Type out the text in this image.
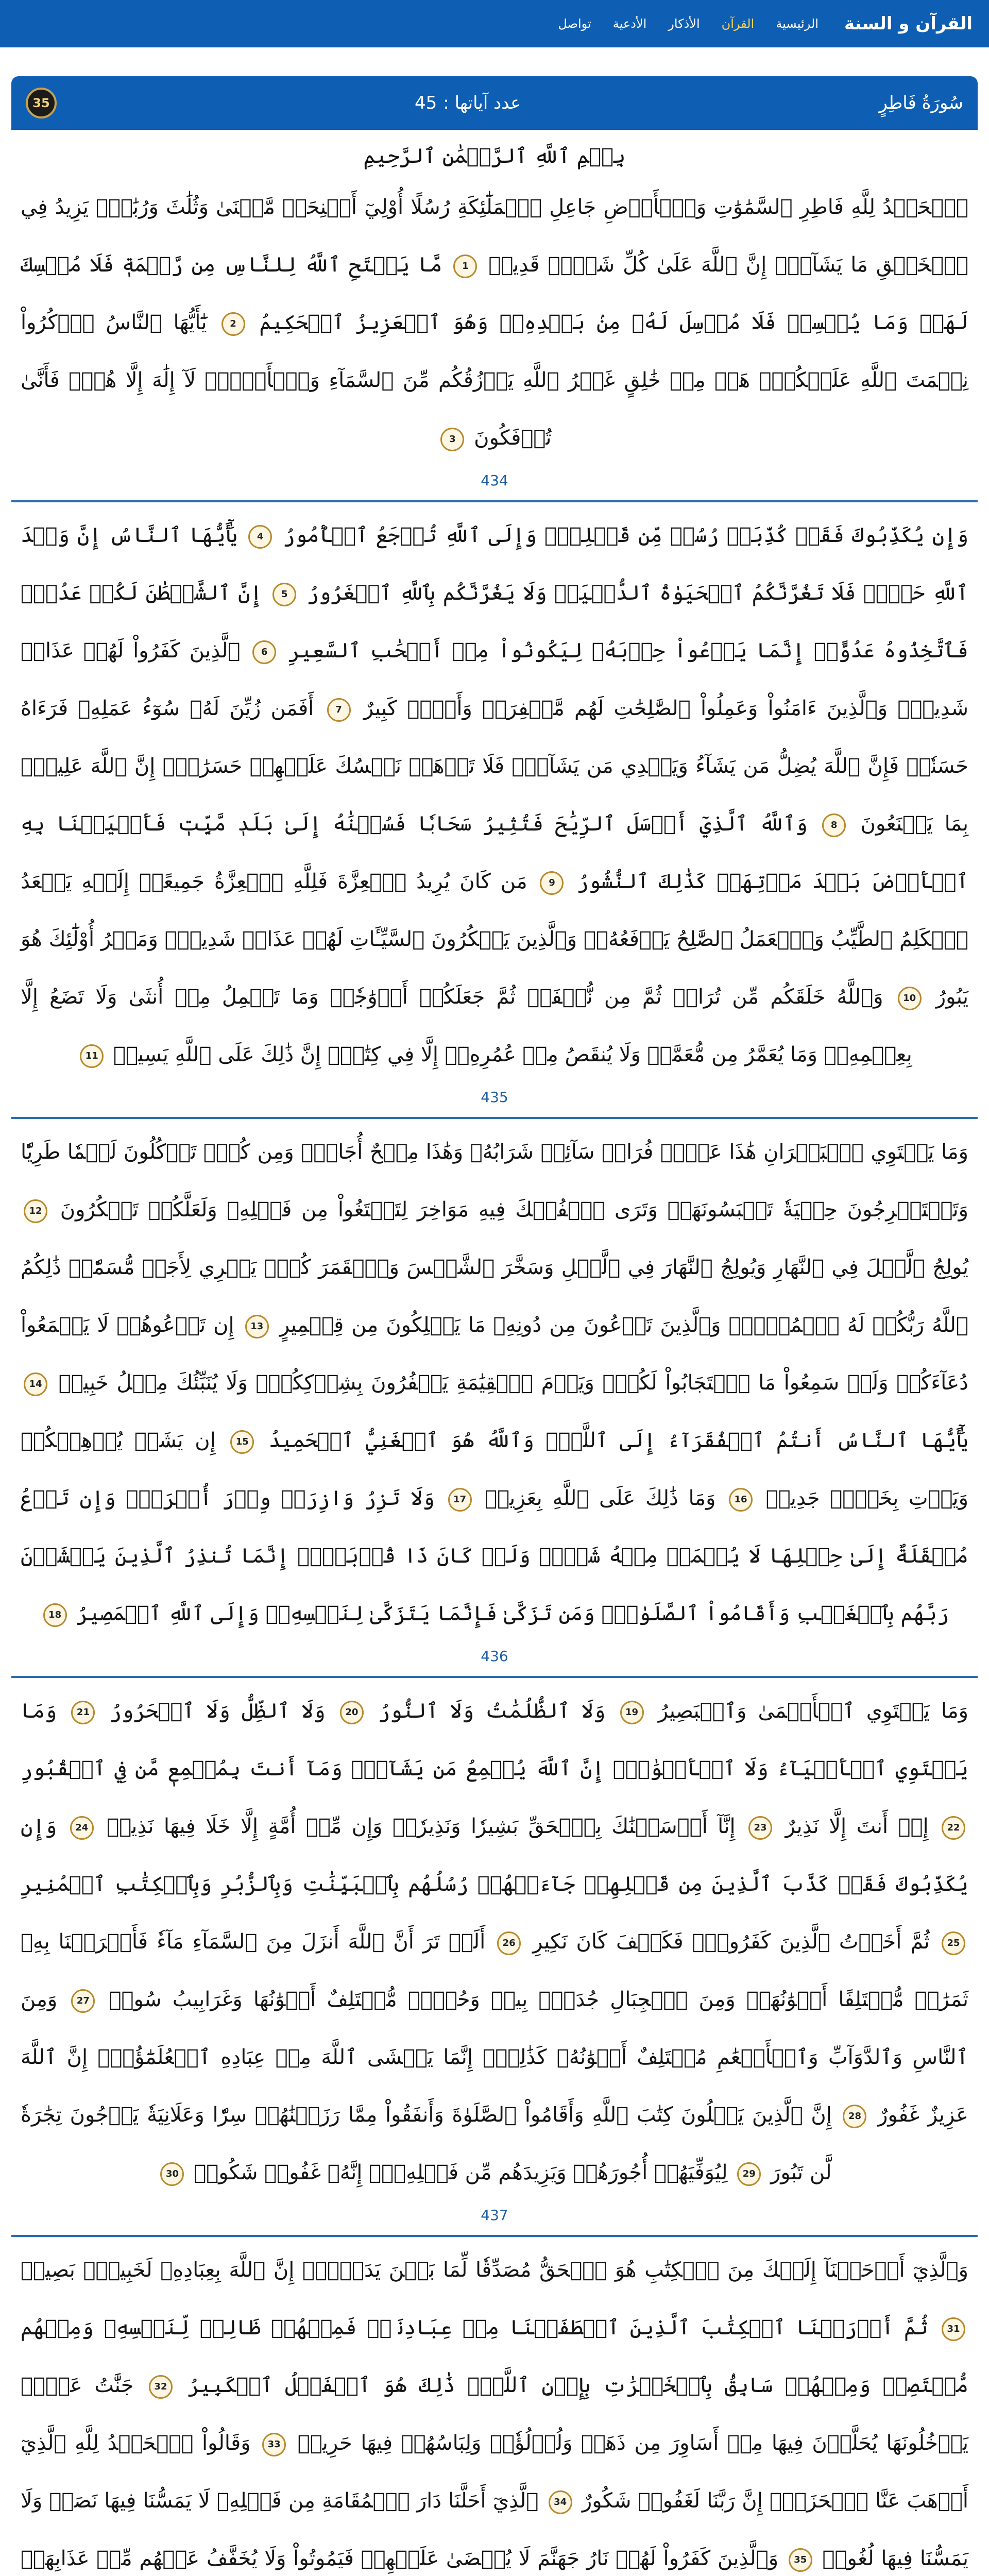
القرآن و السنة
الرئيسية
القرآن
الأذكار
الأدعية
تواصل
سُورَةُ فَاطِرٍ
عدد آياتها :
45
35
بِسۡمِ ٱللَّهِ ٱلرَّحۡمَٰنِ ٱلرَّحِيمِ
ٱلۡحَمۡدُ لِلَّهِ فَاطِرِ ٱلسَّمَٰوَٰتِ وَٱلۡأَرۡضِ جَاعِلِ ٱلۡمَلَٰٓئِكَةِ رُسُلًا أُوْلِيٓ أَجۡنِحَةٖ مَّثۡنَىٰ وَثُلَٰثَ وَرُبَٰعَۚ يَزِيدُ فِي ٱلۡخَلۡقِ مَا يَشَآءُۚ إِنَّ ٱللَّهَ عَلَىٰ كُلِّ شَيۡءٖ قَدِيرٞ 1 مَّا يَفۡتَحِ ٱللَّهُ لِلنَّاسِ مِن رَّحۡمَةٖ فَلَا مُمۡسِكَ لَهَاۖ وَمَا يُمۡسِكۡ فَلَا مُرۡسِلَ لَهُۥ مِنۢ بَعۡدِهِۦۚ وَهُوَ ٱلۡعَزِيزُ ٱلۡحَكِيمُ 2 يَٰٓأَيُّهَا ٱلنَّاسُ ٱذۡكُرُواْ نِعۡمَتَ ٱللَّهِ عَلَيۡكُمۡۚ هَلۡ مِنۡ خَٰلِقٍ غَيۡرُ ٱللَّهِ يَرۡزُقُكُم مِّنَ ٱلسَّمَآءِ وَٱلۡأَرۡضِۚ لَآ إِلَٰهَ إِلَّا هُوَۖ فَأَنَّىٰ تُؤۡفَكُونَ 3
434
وَإِن يُكَذِّبُوكَ فَقَدۡ كُذِّبَتۡ رُسُلٞ مِّن قَبۡلِكَۚ وَإِلَى ٱللَّهِ تُرۡجَعُ ٱلۡأُمُورُ 4 يَٰٓأَيُّهَا ٱلنَّاسُ إِنَّ وَعۡدَ ٱللَّهِ حَقّٞۖ فَلَا تَغُرَّنَّكُمُ ٱلۡحَيَوٰةُ ٱلدُّنۡيَاۖ وَلَا يَغُرَّنَّكُم بِٱللَّهِ ٱلۡغَرُورُ 5 إِنَّ ٱلشَّيۡطَٰنَ لَكُمۡ عَدُوّٞ فَٱتَّخِذُوهُ عَدُوًّاۚ إِنَّمَا يَدۡعُواْ حِزۡبَهُۥ لِيَكُونُواْ مِنۡ أَصۡحَٰبِ ٱلسَّعِيرِ 6 ٱلَّذِينَ كَفَرُواْ لَهُمۡ عَذَابٞ شَدِيدٞۖ وَٱلَّذِينَ ءَامَنُواْ وَعَمِلُواْ ٱلصَّٰلِحَٰتِ لَهُم مَّغۡفِرَةٞ وَأَجۡرٞ كَبِيرٌ 7 أَفَمَن زُيِّنَ لَهُۥ سُوٓءُ عَمَلِهِۦ فَرَءَاهُ حَسَنٗاۖ فَإِنَّ ٱللَّهَ يُضِلُّ مَن يَشَآءُ وَيَهۡدِي مَن يَشَآءُۖ فَلَا تَذۡهَبۡ نَفۡسُكَ عَلَيۡهِمۡ حَسَرَٰتٍۚ إِنَّ ٱللَّهَ عَلِيمُۢ بِمَا يَصۡنَعُونَ 8 وَٱللَّهُ ٱلَّذِيٓ أَرۡسَلَ ٱلرِّيَٰحَ فَتُثِيرُ سَحَابٗا فَسُقۡنَٰهُ إِلَىٰ بَلَدٖ مَّيِّتٖ فَأَحۡيَيۡنَا بِهِ ٱلۡأَرۡضَ بَعۡدَ مَوۡتِهَاۚ كَذَٰلِكَ ٱلنُّشُورُ 9 مَن كَانَ يُرِيدُ ٱلۡعِزَّةَ فَلِلَّهِ ٱلۡعِزَّةُ جَمِيعًاۚ إِلَيۡهِ يَصۡعَدُ ٱلۡكَلِمُ ٱلطَّيِّبُ وَٱلۡعَمَلُ ٱلصَّٰلِحُ يَرۡفَعُهُۥۚ وَٱلَّذِينَ يَمۡكُرُونَ ٱلسَّيِّـَٔاتِ لَهُمۡ عَذَابٞ شَدِيدٞۖ وَمَكۡرُ أُوْلَٰٓئِكَ هُوَ يَبُورُ 10 وَٱللَّهُ خَلَقَكُم مِّن تُرَابٖ ثُمَّ مِن نُّطۡفَةٖ ثُمَّ جَعَلَكُمۡ أَزۡوَٰجٗاۚ وَمَا تَحۡمِلُ مِنۡ أُنثَىٰ وَلَا تَضَعُ إِلَّا بِعِلۡمِهِۦۚ وَمَا يُعَمَّرُ مِن مُّعَمَّرٖ وَلَا يُنقَصُ مِنۡ عُمُرِهِۦٓ إِلَّا فِي كِتَٰبٍۚ إِنَّ ذَٰلِكَ عَلَى ٱللَّهِ يَسِيرٞ 11
435
وَمَا يَسۡتَوِي ٱلۡبَحۡرَانِ هَٰذَا عَذۡبٞ فُرَاتٞ سَآئِغٞ شَرَابُهُۥ وَهَٰذَا مِلۡحٌ أُجَاجٞۖ وَمِن كُلّٖ تَأۡكُلُونَ لَحۡمٗا طَرِيّٗا وَتَسۡتَخۡرِجُونَ حِلۡيَةٗ تَلۡبَسُونَهَاۖ وَتَرَى ٱلۡفُلۡكَ فِيهِ مَوَاخِرَ لِتَبۡتَغُواْ مِن فَضۡلِهِۦ وَلَعَلَّكُمۡ تَشۡكُرُونَ 12 يُولِجُ ٱلَّيۡلَ فِي ٱلنَّهَارِ وَيُولِجُ ٱلنَّهَارَ فِي ٱلَّيۡلِ وَسَخَّرَ ٱلشَّمۡسَ وَٱلۡقَمَرَ كُلّٞ يَجۡرِي لِأَجَلٖ مُّسَمّٗىۚ ذَٰلِكُمُ ٱللَّهُ رَبُّكُمۡ لَهُ ٱلۡمُلۡكُۚ وَٱلَّذِينَ تَدۡعُونَ مِن دُونِهِۦ مَا يَمۡلِكُونَ مِن قِطۡمِيرٍ 13 إِن تَدۡعُوهُمۡ لَا يَسۡمَعُواْ دُعَآءَكُمۡ وَلَوۡ سَمِعُواْ مَا ٱسۡتَجَابُواْ لَكُمۡۖ وَيَوۡمَ ٱلۡقِيَٰمَةِ يَكۡفُرُونَ بِشِرۡكِكُمۡۚ وَلَا يُنَبِّئُكَ مِثۡلُ خَبِيرٖ 14 يَٰٓأَيُّهَا ٱلنَّاسُ أَنتُمُ ٱلۡفُقَرَآءُ إِلَى ٱللَّهِۖ وَٱللَّهُ هُوَ ٱلۡغَنِيُّ ٱلۡحَمِيدُ 15 إِن يَشَأۡ يُذۡهِبۡكُمۡ وَيَأۡتِ بِخَلۡقٖ جَدِيدٖ 16 وَمَا ذَٰلِكَ عَلَى ٱللَّهِ بِعَزِيزٖ 17 وَلَا تَزِرُ وَازِرَةٞ وِزۡرَ أُخۡرَىٰۚ وَإِن تَدۡعُ مُثۡقَلَةٌ إِلَىٰ حِمۡلِهَا لَا يُحۡمَلۡ مِنۡهُ شَيۡءٞ وَلَوۡ كَانَ ذَا قُرۡبَىٰٓۗ إِنَّمَا تُنذِرُ ٱلَّذِينَ يَخۡشَوۡنَ رَبَّهُم بِٱلۡغَيۡبِ وَأَقَامُواْ ٱلصَّلَوٰةَۚ وَمَن تَزَكَّىٰ فَإِنَّمَا يَتَزَكَّىٰ لِنَفۡسِهِۦۚ وَإِلَى ٱللَّهِ ٱلۡمَصِيرُ 18
436
وَمَا يَسۡتَوِي ٱلۡأَعۡمَىٰ وَٱلۡبَصِيرُ 19 وَلَا ٱلظُّلُمَٰتُ وَلَا ٱلنُّورُ 20 وَلَا ٱلظِّلُّ وَلَا ٱلۡحَرُورُ 21 وَمَا يَسۡتَوِي ٱلۡأَحۡيَآءُ وَلَا ٱلۡأَمۡوَٰتُۚ إِنَّ ٱللَّهَ يُسۡمِعُ مَن يَشَآءُۖ وَمَآ أَنتَ بِمُسۡمِعٖ مَّن فِي ٱلۡقُبُورِ 22 إِنۡ أَنتَ إِلَّا نَذِيرٌ 23 إِنَّآ أَرۡسَلۡنَٰكَ بِٱلۡحَقِّ بَشِيرٗا وَنَذِيرٗاۚ وَإِن مِّنۡ أُمَّةٍ إِلَّا خَلَا فِيهَا نَذِيرٞ 24 وَإِن يُكَذِّبُوكَ فَقَدۡ كَذَّبَ ٱلَّذِينَ مِن قَبۡلِهِمۡ جَآءَتۡهُمۡ رُسُلُهُم بِٱلۡبَيِّنَٰتِ وَبِٱلزُّبُرِ وَبِٱلۡكِتَٰبِ ٱلۡمُنِيرِ 25 ثُمَّ أَخَذۡتُ ٱلَّذِينَ كَفَرُواْۖ فَكَيۡفَ كَانَ نَكِيرِ 26 أَلَمۡ تَرَ أَنَّ ٱللَّهَ أَنزَلَ مِنَ ٱلسَّمَآءِ مَآءٗ فَأَخۡرَجۡنَا بِهِۦ ثَمَرَٰتٖ مُّخۡتَلِفًا أَلۡوَٰنُهَاۚ وَمِنَ ٱلۡجِبَالِ جُدَدُۢ بِيضٞ وَحُمۡرٞ مُّخۡتَلِفٌ أَلۡوَٰنُهَا وَغَرَابِيبُ سُودٞ 27 وَمِنَ ٱلنَّاسِ وَٱلدَّوَآبِّ وَٱلۡأَنۡعَٰمِ مُخۡتَلِفٌ أَلۡوَٰنُهُۥ كَذَٰلِكَۗ إِنَّمَا يَخۡشَى ٱللَّهَ مِنۡ عِبَادِهِ ٱلۡعُلَمَٰٓؤُاْۗ إِنَّ ٱللَّهَ عَزِيزٌ غَفُورٌ 28 إِنَّ ٱلَّذِينَ يَتۡلُونَ كِتَٰبَ ٱللَّهِ وَأَقَامُواْ ٱلصَّلَوٰةَ وَأَنفَقُواْ مِمَّا رَزَقۡنَٰهُمۡ سِرّٗا وَعَلَانِيَةٗ يَرۡجُونَ تِجَٰرَةٗ لَّن تَبُورَ 29 لِيُوَفِّيَهُمۡ أُجُورَهُمۡ وَيَزِيدَهُم مِّن فَضۡلِهِۦٓۚ إِنَّهُۥ غَفُورٞ شَكُورٞ 30
437
وَٱلَّذِيٓ أَوۡحَيۡنَآ إِلَيۡكَ مِنَ ٱلۡكِتَٰبِ هُوَ ٱلۡحَقُّ مُصَدِّقٗا لِّمَا بَيۡنَ يَدَيۡهِۗ إِنَّ ٱللَّهَ بِعِبَادِهِۦ لَخَبِيرُۢ بَصِيرٞ 31 ثُمَّ أَوۡرَثۡنَا ٱلۡكِتَٰبَ ٱلَّذِينَ ٱصۡطَفَيۡنَا مِنۡ عِبَادِنَاۖ فَمِنۡهُمۡ ظَالِمٞ لِّنَفۡسِهِۦ وَمِنۡهُم مُّقۡتَصِدٞ وَمِنۡهُمۡ سَابِقُۢ بِٱلۡخَيۡرَٰتِ بِإِذۡنِ ٱللَّهِۚ ذَٰلِكَ هُوَ ٱلۡفَضۡلُ ٱلۡكَبِيرُ 32 جَنَّٰتُ عَدۡنٖ يَدۡخُلُونَهَا يُحَلَّوۡنَ فِيهَا مِنۡ أَسَاوِرَ مِن ذَهَبٖ وَلُؤۡلُؤٗاۖ وَلِبَاسُهُمۡ فِيهَا حَرِيرٞ 33 وَقَالُواْ ٱلۡحَمۡدُ لِلَّهِ ٱلَّذِيٓ أَذۡهَبَ عَنَّا ٱلۡحَزَنَۖ إِنَّ رَبَّنَا لَغَفُورٞ شَكُورٌ 34 ٱلَّذِيٓ أَحَلَّنَا دَارَ ٱلۡمُقَامَةِ مِن فَضۡلِهِۦ لَا يَمَسُّنَا فِيهَا نَصَبٞ وَلَا يَمَسُّنَا فِيهَا لُغُوبٞ 35 وَٱلَّذِينَ كَفَرُواْ لَهُمۡ نَارُ جَهَنَّمَ لَا يُقۡضَىٰ عَلَيۡهِمۡ فَيَمُوتُواْ وَلَا يُخَفَّفُ عَنۡهُم مِّنۡ عَذَابِهَاۚ
